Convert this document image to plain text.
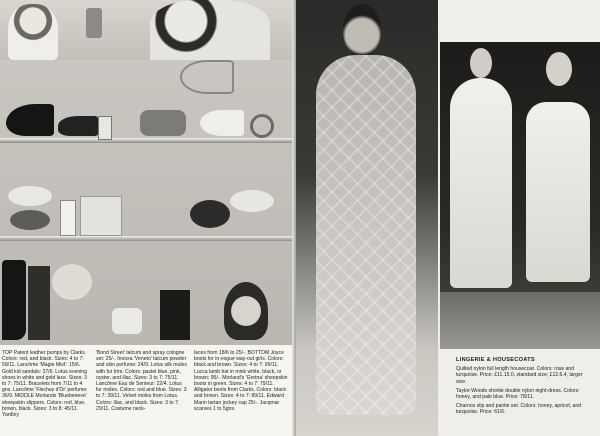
TOP Patent leather pumps by Clarks. Colors: red, and black. Sizes: 4 to 7: 59/11. Lancôme 'Magie Mist': 15/6. Gold kid sandals: 37/6. Lotus evening shoes in white and gold lace. Sizes: 3 to 7: 75/11. Bracelets from 7/11 to 4 gns. Lancôme 'Fleches d'Or' perfume: 36/9. MIDDLE Morlands 'Bluebeneve' sheepskin slippers. Colors: red, blue, brown, black. Sizes: 3 to 8: 45/11. Yardley
'Bond Street' talcum and spray cologne set: 25/-. Innoxa 'Veneto' talcum powder and skin perfume: 24/9. Lotus silk mules with fur trim. Colors: pastel blue, pink, oyster, and lilac. Sizes: 3 to 7: 75/11. Lancôme Eau de Senteur: 22/4. Lotus fur moles. Colors: red and blue. Sizes: 3 to 7: 39/11. Velvet moles from Lotus. Colors: lilac, and black. Sizes: 3 to 7: 29/11. Costume neck-
laces from 18/6 to 25/-. BOTTOM Joyce boots for in-vogue way-out girls. Colors: black and brown. Sizes: 4 to 7: 99/11. Lucca lamb hat in mink white, black, or brown: 95/-. Morland's 'Gretna' sheepskin boots in green. Sizes: 4 to 7: 79/11. Alligator boots from Clarks. Colors: black and brown. Sizes: 4 to 7: 89/11. Edward Mann tartan jockey cap 25/-. Jacqmar scarves 1 to 5gns.
LINGERIE & HOUSECOATS

Quilted nylon full length housecoat. Colors: rose and turquoise. Price: £11.15.0, standard size; £12.6.4, larger size.

Taylor-Woods shortie double nylon night-dress. Colors: honey, and pale blue. Price: 78/11.

Charnos slip and pantie set. Colors: honey, apricot, and turquoise. Price: 61/6.
